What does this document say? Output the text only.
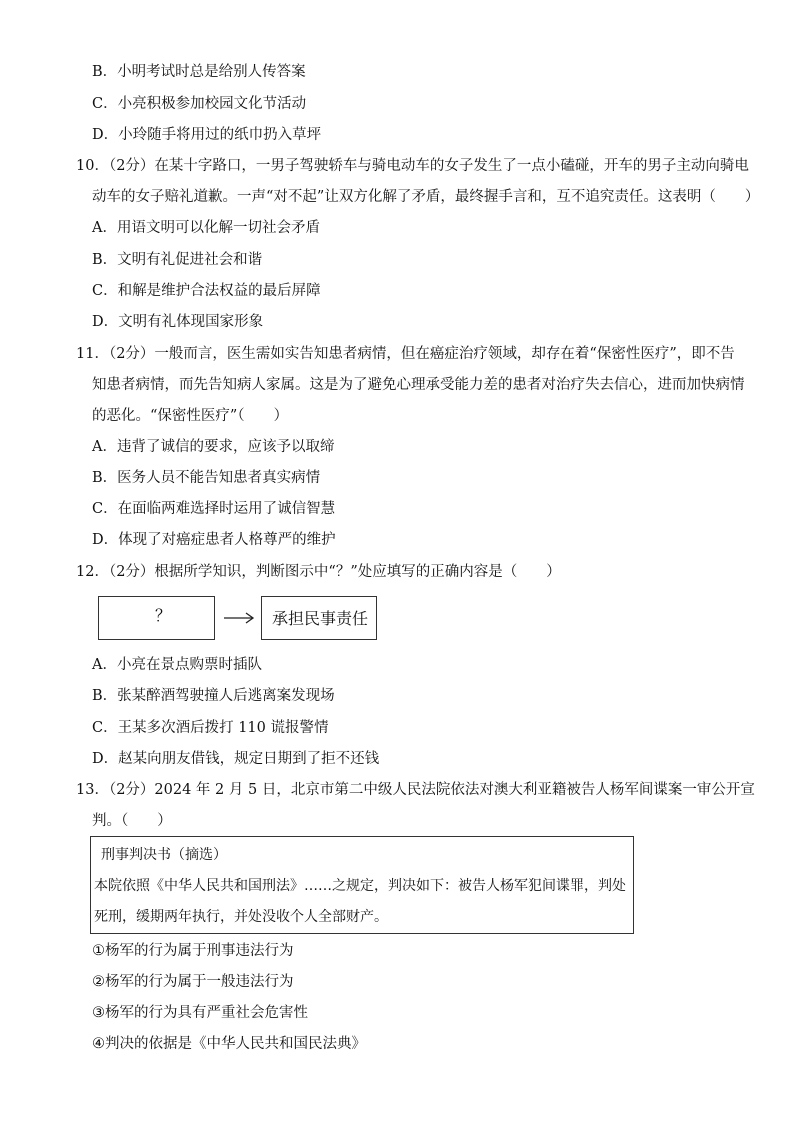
B．小明考试时总是给别人传答案
C．小亮积极参加校园文化节活动
D．小玲随手将用过的纸巾扔入草坪
10．（2分）在某十字路口，一男子驾驶轿车与骑电动车的女子发生了一点小磕碰，开车的男子主动向骑电
动车的女子赔礼道歉。一声“对不起”让双方化解了矛盾，最终握手言和，互不追究责任。这表明（　　）
A．用语文明可以化解一切社会矛盾
B．文明有礼促进社会和谐
C．和解是维护合法权益的最后屏障
D．文明有礼体现国家形象
11．（2分）一般而言，医生需如实告知患者病情，但在癌症治疗领域，却存在着“保密性医疗”，即不告
知患者病情，而先告知病人家属。这是为了避免心理承受能力差的患者对治疗失去信心，进而加快病情
的恶化。“保密性医疗”（　　）
A．违背了诚信的要求，应该予以取缔
B．医务人员不能告知患者真实病情
C．在面临两难选择时运用了诚信智慧
D．体现了对癌症患者人格尊严的维护
12．（2分）根据所学知识，判断图示中“？”处应填写的正确内容是（　　）
？	承担民事责任
A．小亮在景点购票时插队
B．张某醉酒驾驶撞人后逃离案发现场
C．王某多次酒后拨打 110 谎报警情
D．赵某向朋友借钱，规定日期到了拒不还钱
13．（2分）2024 年 2 月 5 日，北京市第二中级人民法院依法对澳大利亚籍被告人杨军间谍案一审公开宣
判。（　　）
刑事判决书（摘选）
本院依照《中华人民共和国刑法》……之规定，判决如下：被告人杨军犯间谍罪，判处
死刑，缓期两年执行，并处没收个人全部财产。
①杨军的行为属于刑事违法行为
②杨军的行为属于一般违法行为
③杨军的行为具有严重社会危害性
④判决的依据是《中华人民共和国民法典》
